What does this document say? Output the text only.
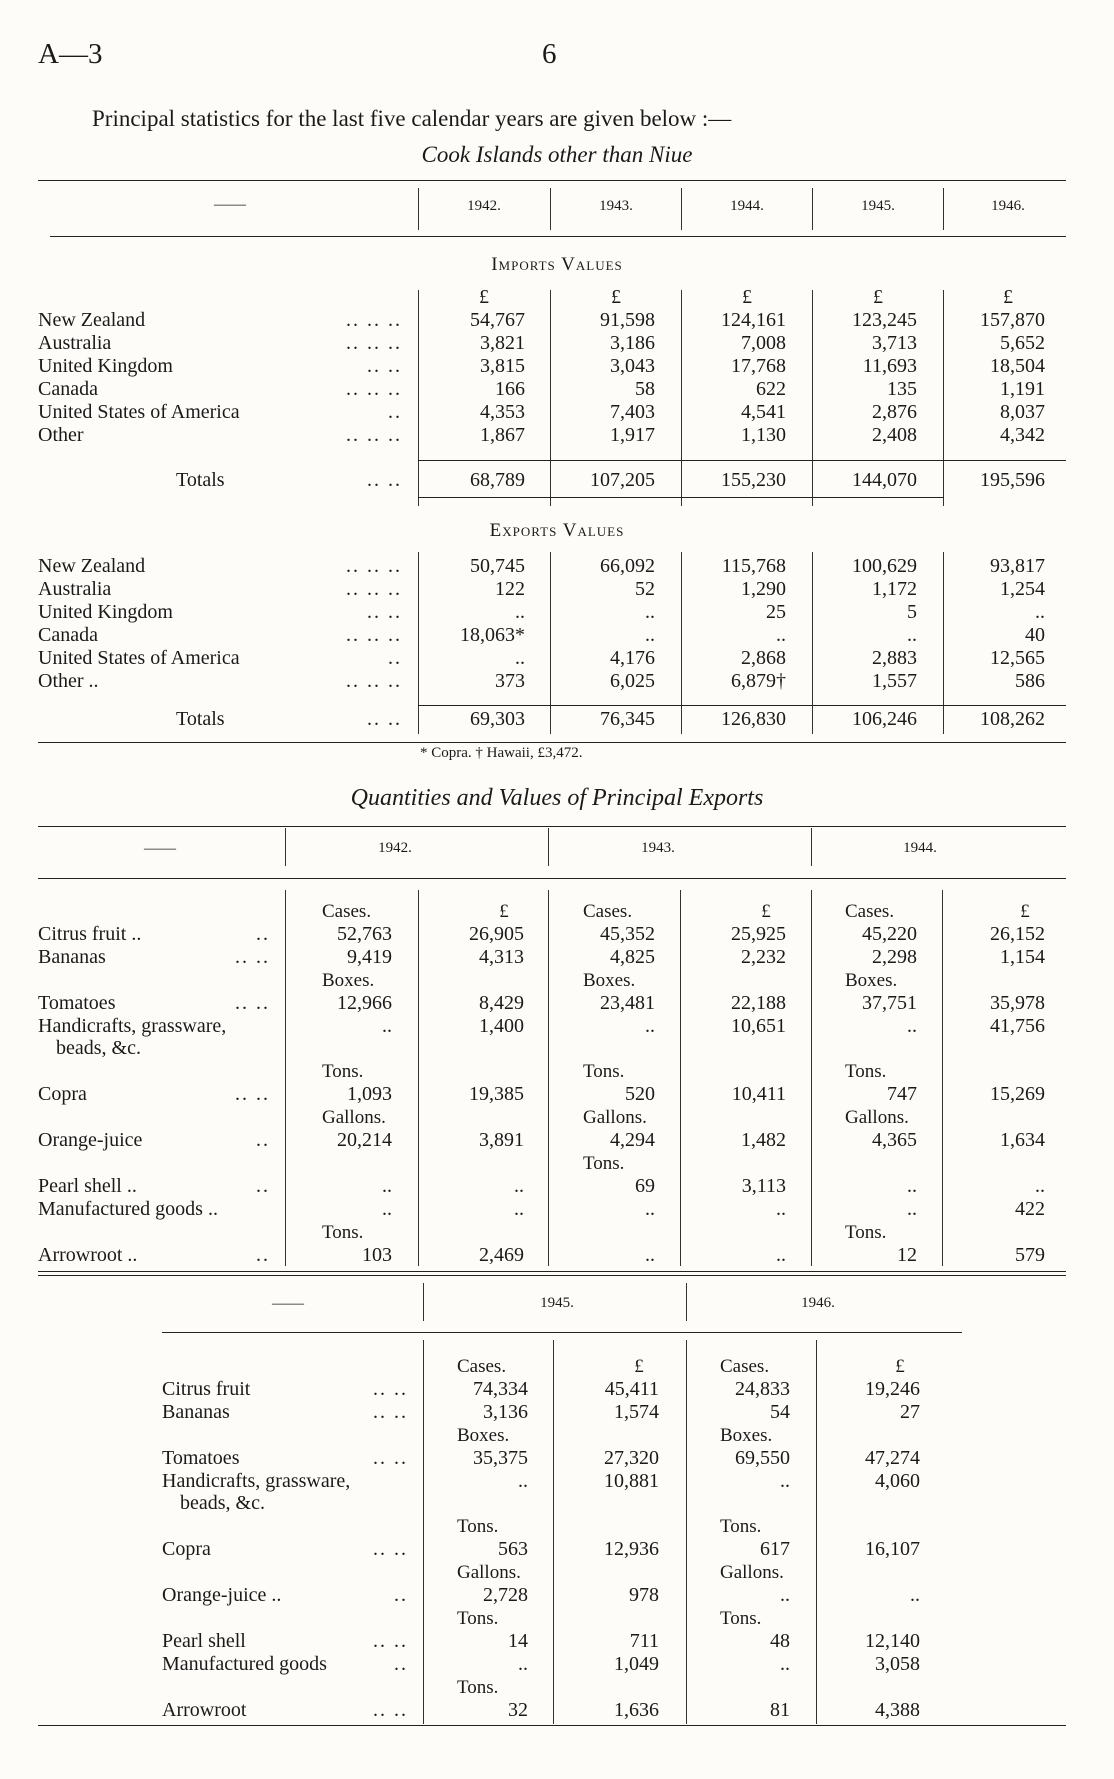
A—3	6
Principal statistics for the last five calendar years are given below :—
Cook Islands other than Niue
——	1942.	1943.	1944.	1945.	1946.
Imports Values
£	£	£	£	£
New Zealand	.. .. ..	54,767	91,598	124,161	123,245	157,870
Australia	.. .. ..	3,821	3,186	7,008	3,713	5,652
United Kingdom	.. ..	3,815	3,043	17,768	11,693	18,504
Canada	.. .. ..	166	58	622	135	1,191
United States of America	..	4,353	7,403	4,541	2,876	8,037
Other	.. .. ..	1,867	1,917	1,130	2,408	4,342
Totals	.. ..	68,789	107,205	155,230	144,070	195,596
Exports Values
New Zealand	.. .. ..	50,745	66,092	115,768	100,629	93,817
Australia	.. .. ..	122	52	1,290	1,172	1,254
United Kingdom	.. ..	..	..	25	5	..
Canada	.. .. ..	18,063*	..	..	..	40
United States of America	..	..	4,176	2,868	2,883	12,565
Other ..	.. .. ..	373	6,025	6,879†	1,557	586
Totals	.. ..	69,303	76,345	126,830	106,246	108,262
* Copra. † Hawaii, £3,472.
Quantities and Values of Principal Exports
——	1942.	1943.	1944.
Cases.	£	Cases.	£	Cases.	£
Citrus fruit ..	..	52,763	26,905	45,352	25,925	45,220	26,152
Bananas	.. ..	9,419	4,313	4,825	2,232	2,298	1,154
Boxes.	Boxes.	Boxes.
Tomatoes	.. ..	12,966	8,429	23,481	22,188	37,751	35,978
Handicrafts, grassware,	..	1,400	..	10,651	..	41,756
beads, &c.
Tons.	Tons.	Tons.
Copra	.. ..	1,093	19,385	520	10,411	747	15,269
Gallons.	Gallons.	Gallons.
Orange-juice	..	20,214	3,891	4,294	1,482	4,365	1,634
Tons.
Pearl shell ..	..	..	..	69	3,113	..	..
Manufactured goods ..	..	..	..	..	..	422
Tons.	Tons.
Arrowroot ..	..	103	2,469	..	..	12	579
——	1945.	1946.
Cases.	£	Cases.	£
Citrus fruit	.. ..	74,334	45,411	24,833	19,246
Bananas	.. ..	3,136	1,574	54	27
Boxes.	Boxes.
Tomatoes	.. ..	35,375	27,320	69,550	47,274
Handicrafts, grassware,	..	10,881	..	4,060
beads, &c.
Tons.	Tons.
Copra	.. ..	563	12,936	617	16,107
Gallons.	Gallons.
Orange-juice ..	..	2,728	978	..	..
Tons.	Tons.
Pearl shell	.. ..	14	711	48	12,140
Manufactured goods	..	..	1,049	..	3,058
Tons.
Arrowroot	.. ..	32	1,636	81	4,388
